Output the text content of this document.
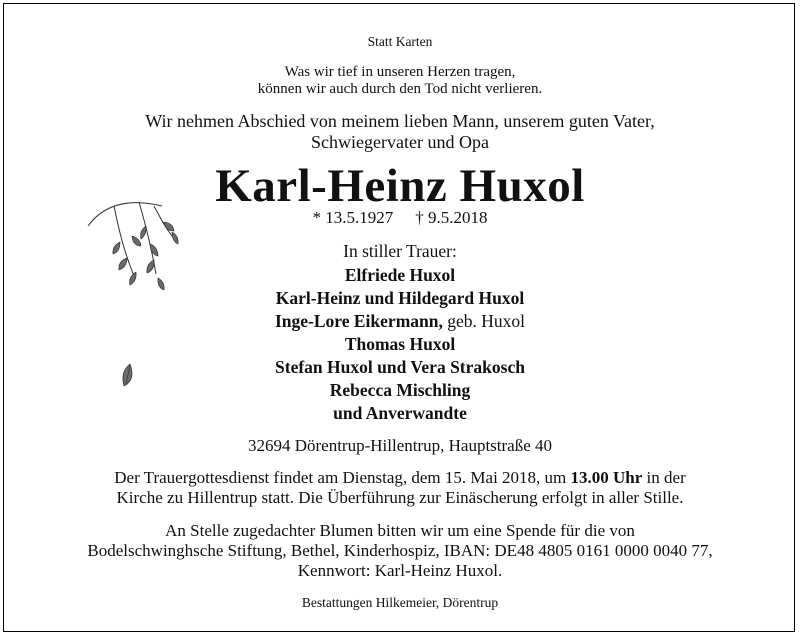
Statt Karten
Was wir tief in unseren Herzen tragen,
können wir auch durch den Tod nicht verlieren.
Wir nehmen Abschied von meinem lieben Mann, unserem guten Vater,
Schwiegervater und Opa
Karl-Heinz Huxol
* 13.5.1927 † 9.5.2018
In stiller Trauer:
Elfriede Huxol
Karl-Heinz und Hildegard Huxol
Inge-Lore Eikermann, geb. Huxol
Thomas Huxol
Stefan Huxol und Vera Strakosch
Rebecca Mischling
und Anverwandte
32694 Dörentrup-Hillentrup, Hauptstraße 40
Der Trauergottesdienst findet am Dienstag, dem 15. Mai 2018, um 13.00 Uhr in der
Kirche zu Hillentrup statt. Die Überführung zur Einäscherung erfolgt in aller Stille.
An Stelle zugedachter Blumen bitten wir um eine Spende für die von
Bodelschwinghsche Stiftung, Bethel, Kinderhospiz, IBAN: DE48 4805 0161 0000 0040 77,
Kennwort: Karl-Heinz Huxol.
Bestattungen Hilkemeier, Dörentrup
